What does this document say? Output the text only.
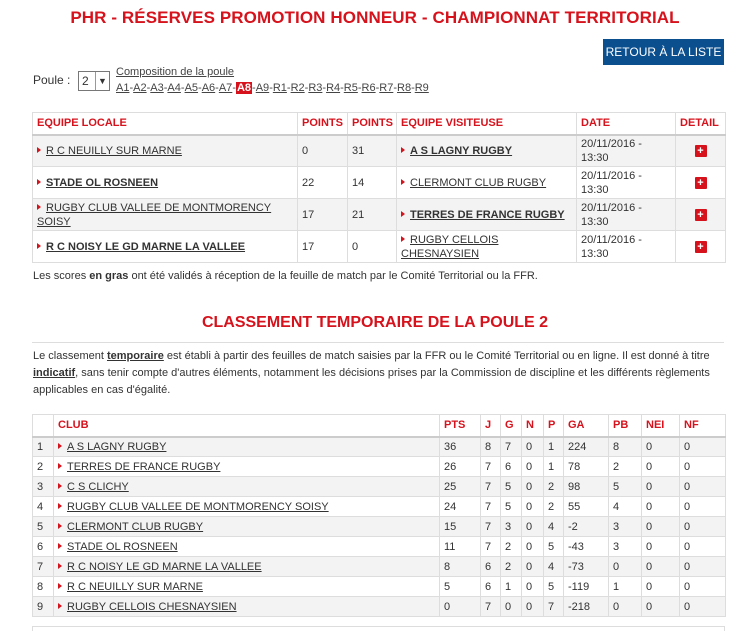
PHR - RÉSERVES PROMOTION HONNEUR - CHAMPIONNAT TERRITORIAL
RETOUR À LA LISTE
Poule : 2	▼
Composition de la poule
A1 - A2 - A3 - A4 - A5 - A6 - A7 - A8 - A9 - R1 - R2 - R3 - R4 - R5 - R6 - R7 - R8 - R9
EQUIPE LOCALE	POINTS	POINTS	EQUIPE VISITEUSE	DATE	DETAIL
R C NEUILLY SUR MARNE	0	31	A S LAGNY RUGBY	20/11/2016 - 13:30	+
STADE OL ROSNEEN	22	14	CLERMONT CLUB RUGBY	20/11/2016 - 13:30	+
RUGBY CLUB VALLEE DE MONTMORENCY SOISY	17	21	TERRES DE FRANCE RUGBY	20/11/2016 - 13:30	+
R C NOISY LE GD MARNE LA VALLEE	17	0	RUGBY CELLOIS CHESNAYSIEN	20/11/2016 - 13:30	+
Les scores en gras ont été validés à réception de la feuille de match par le Comité Territorial ou la FFR.
CLASSEMENT TEMPORAIRE DE LA POULE 2
Le classement temporaire est établi à partir des feuilles de match saisies par la FFR ou le Comité Territorial ou en ligne. Il est donné à titre indicatif, sans tenir compte d'autres éléments, notamment les décisions prises par la Commission de discipline et les différents règlements applicables en cas d'égalité.
	CLUB	PTS	J	G	N	P	GA	PB	NEI	NF
1	A S LAGNY RUGBY	36	8	7	0	1	224	8	0	0
2	TERRES DE FRANCE RUGBY	26	7	6	0	1	78	2	0	0
3	C S CLICHY	25	7	5	0	2	98	5	0	0
4	RUGBY CLUB VALLEE DE MONTMORENCY SOISY	24	7	5	0	2	55	4	0	0
5	CLERMONT CLUB RUGBY	15	7	3	0	4	-2	3	0	0
6	STADE OL ROSNEEN	11	7	2	0	5	-43	3	0	0
7	R C NOISY LE GD MARNE LA VALLEE	8	6	2	0	4	-73	0	0	0
8	R C NEUILLY SUR MARNE	5	6	1	0	5	-119	1	0	0
9	RUGBY CELLOIS CHESNAYSIEN	0	7	0	0	7	-218	0	0	0
